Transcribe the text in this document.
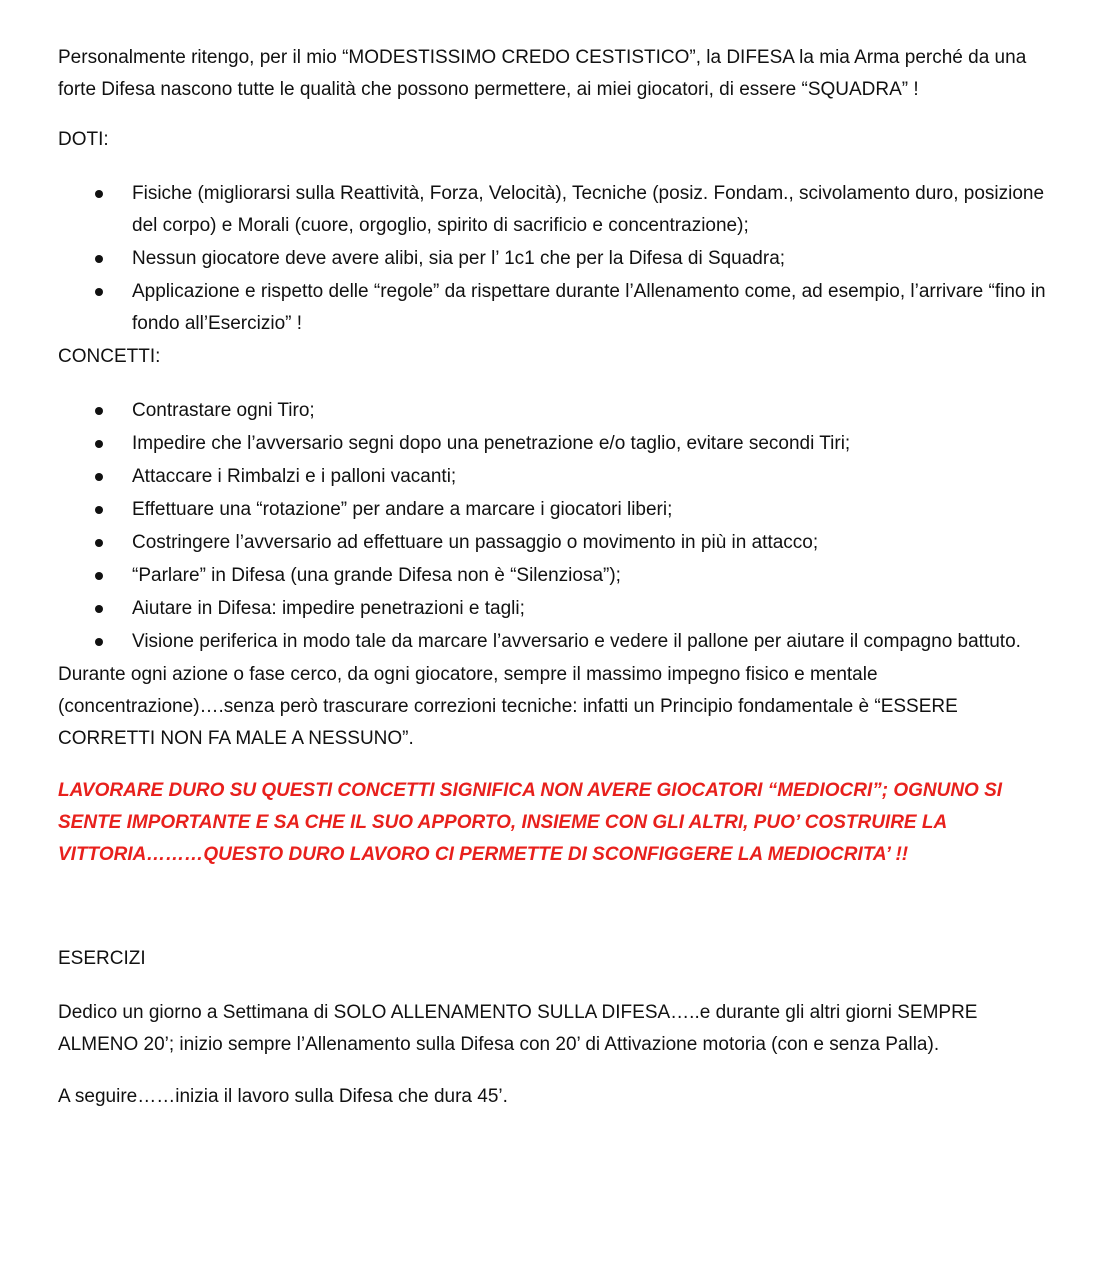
Personalmente ritengo, per il mio “MODESTISSIMO CREDO CESTISTICO”, la DIFESA la mia Arma perché da una forte Difesa nascono tutte le qualità che possono permettere, ai miei giocatori, di essere “SQUADRA” !

DOTI:

Fisiche (migliorarsi sulla Reattività, Forza, Velocità), Tecniche (posiz. Fondam., scivolamento duro, posizione del corpo) e Morali (cuore, orgoglio, spirito di sacrificio e concentrazione);
Nessun giocatore deve avere alibi, sia per l’ 1c1 che per la Difesa di Squadra;
Applicazione e rispetto delle “regole” da rispettare durante l’Allenamento come, ad esempio, l’arrivare “fino in fondo all’Esercizio” !

CONCETTI:

Contrastare ogni Tiro;
Impedire che l’avversario segni dopo una penetrazione e/o taglio, evitare secondi Tiri;
Attaccare i Rimbalzi e i palloni vacanti;
Effettuare una “rotazione” per andare a marcare i giocatori liberi;
Costringere l’avversario ad effettuare un passaggio o movimento in più in attacco;
“Parlare” in Difesa (una grande Difesa non è “Silenziosa”);
Aiutare in Difesa: impedire penetrazioni e tagli;
Visione periferica in modo tale da marcare l’avversario e vedere il pallone per aiutare il compagno battuto.

Durante ogni azione o fase cerco, da ogni giocatore, sempre il massimo impegno fisico e mentale (concentrazione)….senza però trascurare correzioni tecniche: infatti un Principio fondamentale è “ESSERE CORRETTI NON FA MALE A NESSUNO”.

LAVORARE DURO SU QUESTI CONCETTI SIGNIFICA NON AVERE GIOCATORI “MEDIOCRI”; OGNUNO SI SENTE IMPORTANTE E SA CHE IL SUO APPORTO, INSIEME CON GLI ALTRI, PUO’ COSTRUIRE LA VITTORIA………QUESTO DURO LAVORO CI PERMETTE DI SCONFIGGERE LA MEDIOCRITA’ !!

ESERCIZI

Dedico un giorno a Settimana di SOLO ALLENAMENTO SULLA DIFESA…..e durante gli altri giorni SEMPRE ALMENO 20’; inizio sempre l’Allenamento sulla Difesa con 20’ di Attivazione motoria (con e senza Palla).

A seguire……inizia il lavoro sulla Difesa che dura 45’.
